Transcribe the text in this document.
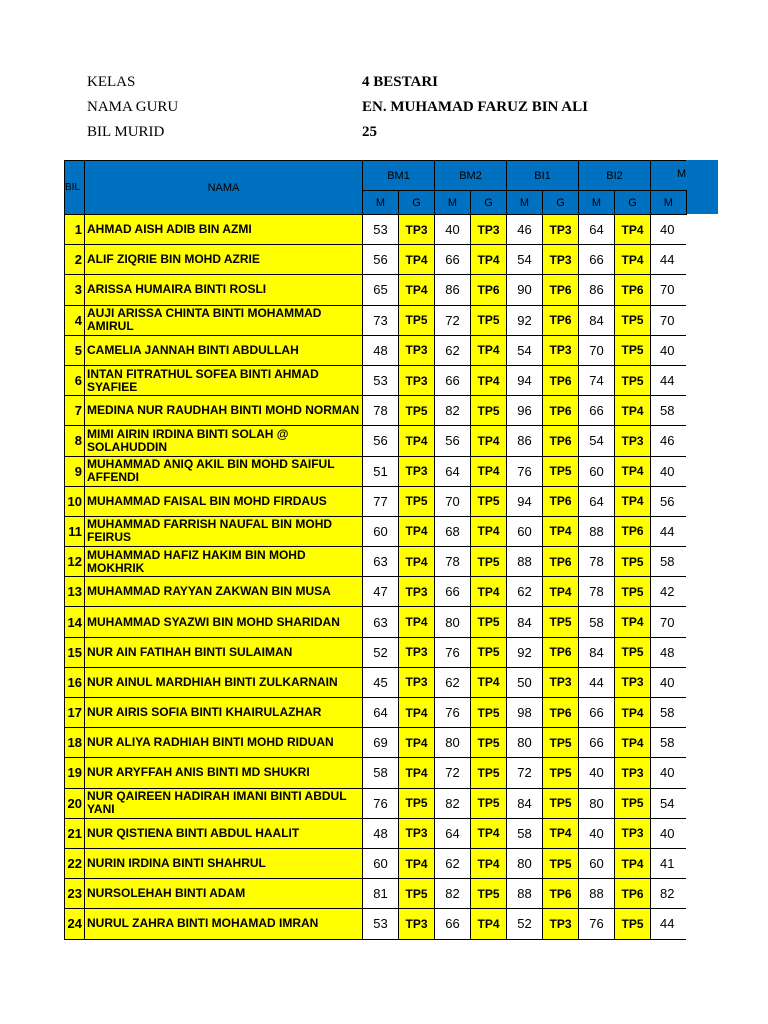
KELAS	4 BESTARI
NAMA GURU	EN. MUHAMAD FARUZ BIN ALI
BIL MURID	25
BIL	NAMA	BM1		BM2		BI1		BI2		M
		M	G	M	G	M	G	M	G	M
1	AHMAD AISH ADIB BIN AZMI	53	TP3	40	TP3	46	TP3	64	TP4	40
2	ALIF ZIQRIE BIN MOHD AZRIE	56	TP4	66	TP4	54	TP3	66	TP4	44
3	ARISSA HUMAIRA BINTI ROSLI	65	TP4	86	TP6	90	TP6	86	TP6	70
4	AUJI ARISSA CHINTA BINTI MOHAMMAD AMIRUL	73	TP5	72	TP5	92	TP6	84	TP5	70
5	CAMELIA JANNAH BINTI ABDULLAH	48	TP3	62	TP4	54	TP3	70	TP5	40
6	INTAN FITRATHUL SOFEA BINTI AHMAD SYAFIEE	53	TP3	66	TP4	94	TP6	74	TP5	44
7	MEDINA NUR RAUDHAH BINTI MOHD NORMAN	78	TP5	82	TP5	96	TP6	66	TP4	58
8	MIMI AIRIN IRDINA BINTI SOLAH @ SOLAHUDDIN	56	TP4	56	TP4	86	TP6	54	TP3	46
9	MUHAMMAD ANIQ AKIL BIN MOHD SAIFUL AFFENDI	51	TP3	64	TP4	76	TP5	60	TP4	40
10	MUHAMMAD FAISAL BIN MOHD FIRDAUS	77	TP5	70	TP5	94	TP6	64	TP4	56
11	MUHAMMAD FARRISH NAUFAL BIN MOHD FEIRUS	60	TP4	68	TP4	60	TP4	88	TP6	44
12	MUHAMMAD HAFIZ HAKIM BIN MOHD MOKHRIK	63	TP4	78	TP5	88	TP6	78	TP5	58
13	MUHAMMAD RAYYAN ZAKWAN BIN MUSA	47	TP3	66	TP4	62	TP4	78	TP5	42
14	MUHAMMAD SYAZWI BIN MOHD SHARIDAN	63	TP4	80	TP5	84	TP5	58	TP4	70
15	NUR AIN FATIHAH BINTI SULAIMAN	52	TP3	76	TP5	92	TP6	84	TP5	48
16	NUR AINUL MARDHIAH BINTI ZULKARNAIN	45	TP3	62	TP4	50	TP3	44	TP3	40
17	NUR AIRIS SOFIA BINTI KHAIRULAZHAR	64	TP4	76	TP5	98	TP6	66	TP4	58
18	NUR ALIYA RADHIAH BINTI MOHD RIDUAN	69	TP4	80	TP5	80	TP5	66	TP4	58
19	NUR ARYFFAH ANIS BINTI MD SHUKRI	58	TP4	72	TP5	72	TP5	40	TP3	40
20	NUR QAIREEN HADIRAH IMANI BINTI ABDUL YANI	76	TP5	82	TP5	84	TP5	80	TP5	54
21	NUR QISTIENA BINTI ABDUL HAALIT	48	TP3	64	TP4	58	TP4	40	TP3	40
22	NURIN IRDINA BINTI SHAHRUL	60	TP4	62	TP4	80	TP5	60	TP4	41
23	NURSOLEHAH BINTI ADAM	81	TP5	82	TP5	88	TP6	88	TP6	82
24	NURUL ZAHRA BINTI MOHAMAD IMRAN	53	TP3	66	TP4	52	TP3	76	TP5	44
